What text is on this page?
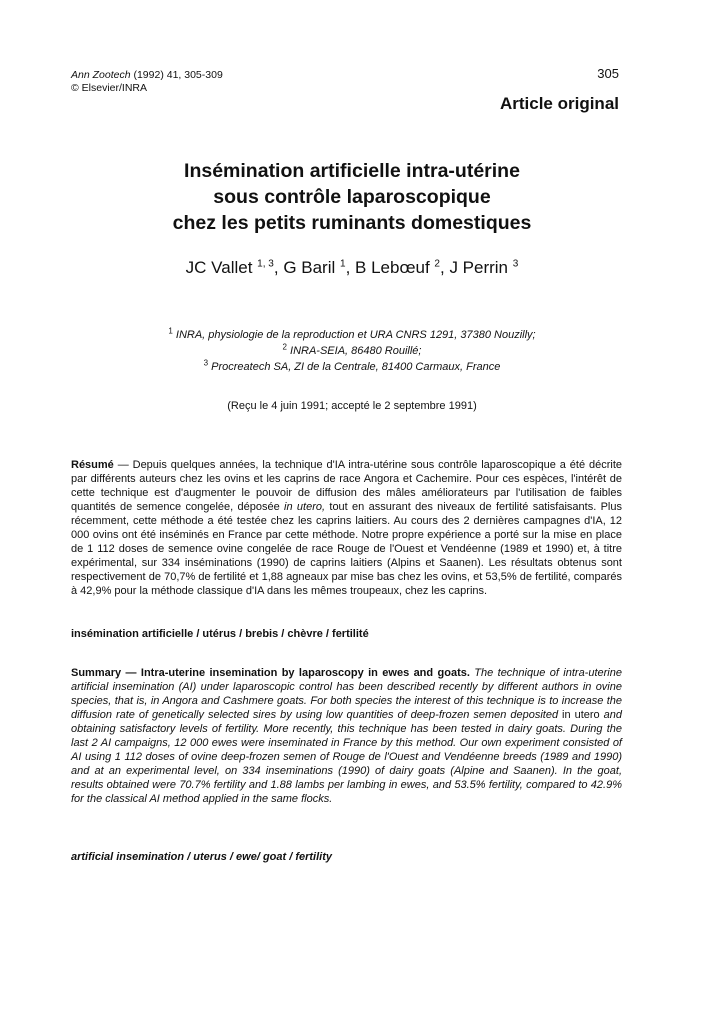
Ann Zootech (1992) 41, 305-309
© Elsevier/INRA
305
Article original
Insémination artificielle intra-utérine
sous contrôle laparoscopique
chez les petits ruminants domestiques
JC Vallet $^{1, 3}$, G Baril $^1$, B Lebœuf $^2$, J Perrin $^3$
$^1$ INRA, physiologie de la reproduction et URA CNRS 1291, 37380 Nouzilly;
$^2$ INRA-SEIA, 86480 Rouillé;
$^3$ Procreatech SA, ZI de la Centrale, 81400 Carmaux, France
(Reçu le 4 juin 1991; accepté le 2 septembre 1991)
Résumé — Depuis quelques années, la technique d'IA intra-utérine sous contrôle laparoscopique a été décrite par différents auteurs chez les ovins et les caprins de race Angora et Cachemire. Pour ces espèces, l'intérêt de cette technique est d'augmenter le pouvoir de diffusion des mâles améliorateurs par l'utilisation de faibles quantités de semence congelée, déposée in utero, tout en assurant des niveaux de fertilité satisfaisants. Plus récemment, cette méthode a été testée chez les caprins laitiers. Au cours des 2 dernières campagnes d'IA, 12 000 ovins ont été inséminés en France par cette méthode. Notre propre expérience a porté sur la mise en place de 1 112 doses de semence ovine congelée de race Rouge de l'Ouest et Vendéenne (1989 et 1990) et, à titre expérimental, sur 334 inséminations (1990) de caprins laitiers (Alpins et Saanen). Les résultats obtenus sont respectivement de 70,7% de fertilité et 1,88 agneaux par mise bas chez les ovins, et 53,5% de fertilité, comparés à 42,9% pour la méthode classique d'IA dans les mêmes troupeaux, chez les caprins.
insémination artificielle / utérus / brebis / chèvre / fertilité
Summary — Intra-uterine insemination by laparoscopy in ewes and goats. The technique of intra-uterine artificial insemination (AI) under laparoscopic control has been described recently by different authors in ovine species, that is, in Angora and Cashmere goats. For both species the interest of this technique is to increase the diffusion rate of genetically selected sires by using low quantities of deep-frozen semen deposited in utero and obtaining satisfactory levels of fertility. More recently, this technique has been tested in dairy goats. During the last 2 AI campaigns, 12 000 ewes were inseminated in France by this method. Our own experiment consisted of AI using 1 112 doses of ovine deep-frozen semen of Rouge de l'Ouest and Vendéenne breeds (1989 and 1990) and at an experimental level, on 334 inseminations (1990) of dairy goats (Alpine and Saanen). In the goat, results obtained were 70.7% fertility and 1.88 lambs per lambing in ewes, and 53.5% fertility, compared to 42.9% for the classical AI method applied in the same flocks.
artificial insemination / uterus / ewe/ goat / fertility
